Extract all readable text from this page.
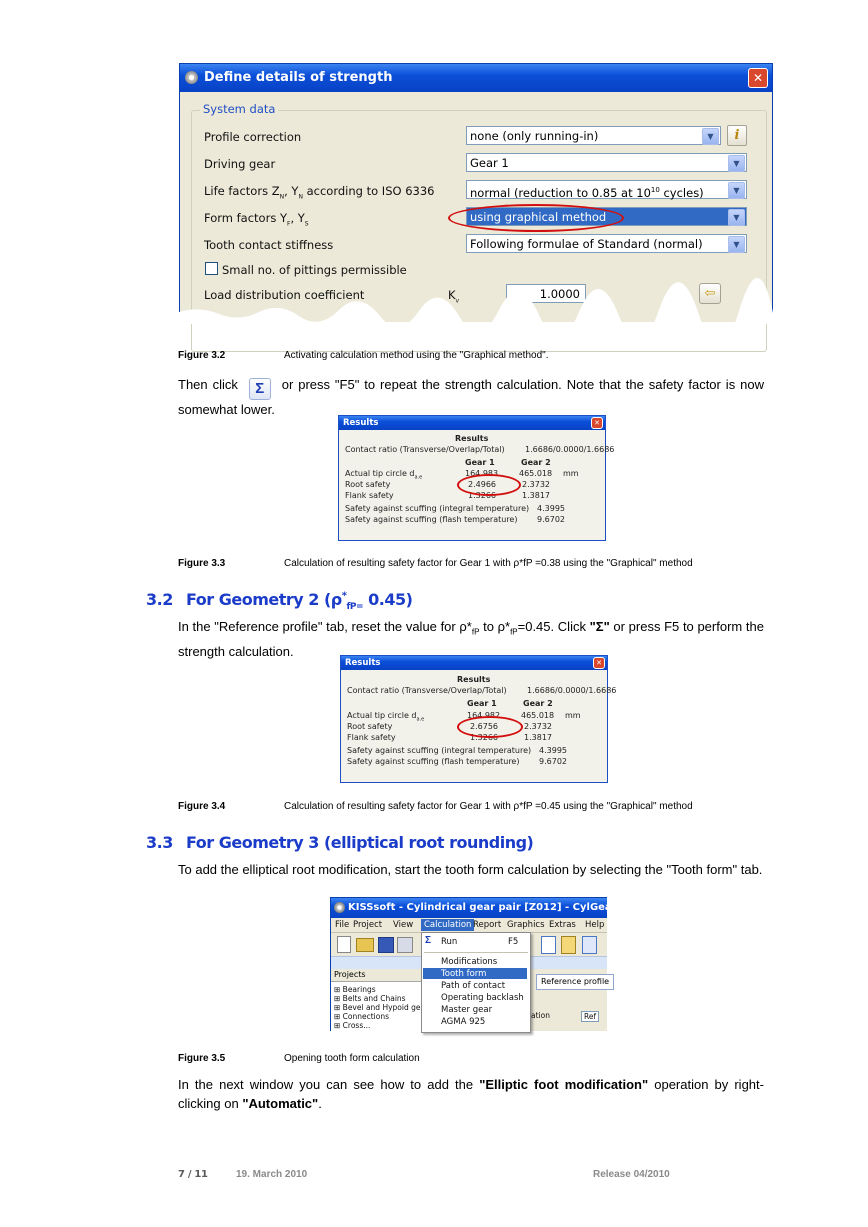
Define details of strength	✕
System data
Profile correction	none (only running-in)	▼	i
Driving gear	Gear 1	▼
Life factors $Z_N$, $Y_N$ according to ISO 6336	normal (reduction to 0.85 at $10^{10}$ cycles)	▼
Form factors $Y_F$, $Y_S$	using graphical method	▼
Tooth contact stiffness	Following formulae of Standard (normal)	▼
Small no. of pittings permissible
Load distribution coefficient	$K_v$	1.0000	⇦
Figure 3.2	Activating calculation method using the "Graphical method".
Then click Σ or press "F5" to repeat the strength calculation. Note that the safety factor is now somewhat lower.
Results	✕
Results
Contact ratio (Transverse/Overlap/Total)	1.6686/0.0000/1.6686
Gear 1	Gear 2
Actual tip circle $d_{a.e}$	164.983	465.018 mm
Root safety	2.4966	2.3732
Flank safety	1.3266	1.3817
Safety against scuffing (integral temperature) 4.3995
Safety against scuffing (flash temperature) 9.6702
Figure 3.3	Calculation of resulting safety factor for Gear 1 with ρ*fP =0.38 using the "Graphical" method
3.2 For Geometry 2 ($\rho^*_{fP=}$ 0.45)
In the "Reference profile" tab, reset the value for $\rho*_{fP}$ to $\rho*_{fP}=0.45$. Click "Σ" or press F5 to perform the strength calculation.
Results	✕
Results
Contact ratio (Transverse/Overlap/Total)	1.6686/0.0000/1.6686
Gear 1	Gear 2
Actual tip circle $d_{a.e}$	164.982	465.018 mm
Root safety	2.6756	2.3732
Flank safety	1.3266	1.3817
Safety against scuffing (integral temperature) 4.3995
Safety against scuffing (flash temperature) 9.6702
Figure 3.4	Calculation of resulting safety factor for Gear 1 with ρ*fP =0.45 using the "Graphical" method
3.3 For Geometry 3 (elliptical root rounding)
To add the elliptical root modification, start the tooth form calculation by selecting the "Tooth form" tab.
KISSsoft - Cylindrical gear pair [Z012] - CylGearPair 1
File Project View	Calculation Report Graphics Extras Help
Projects
⊞ Bearings
⊞ Belts and Chains
⊞ Bevel and Hypoid ge
⊞ Connections
⊞ Cross...
Reference profile
ation	Ref
Σ Run	F5
Modifications
Tooth form
Path of contact
Operating backlash
Master gear
AGMA 925
Figure 3.5	Opening tooth form calculation
In the next window you can see how to add the "Elliptic foot modification" operation by right-clicking on "Automatic".
7 / 11	19. March 2010	Release 04/2010
